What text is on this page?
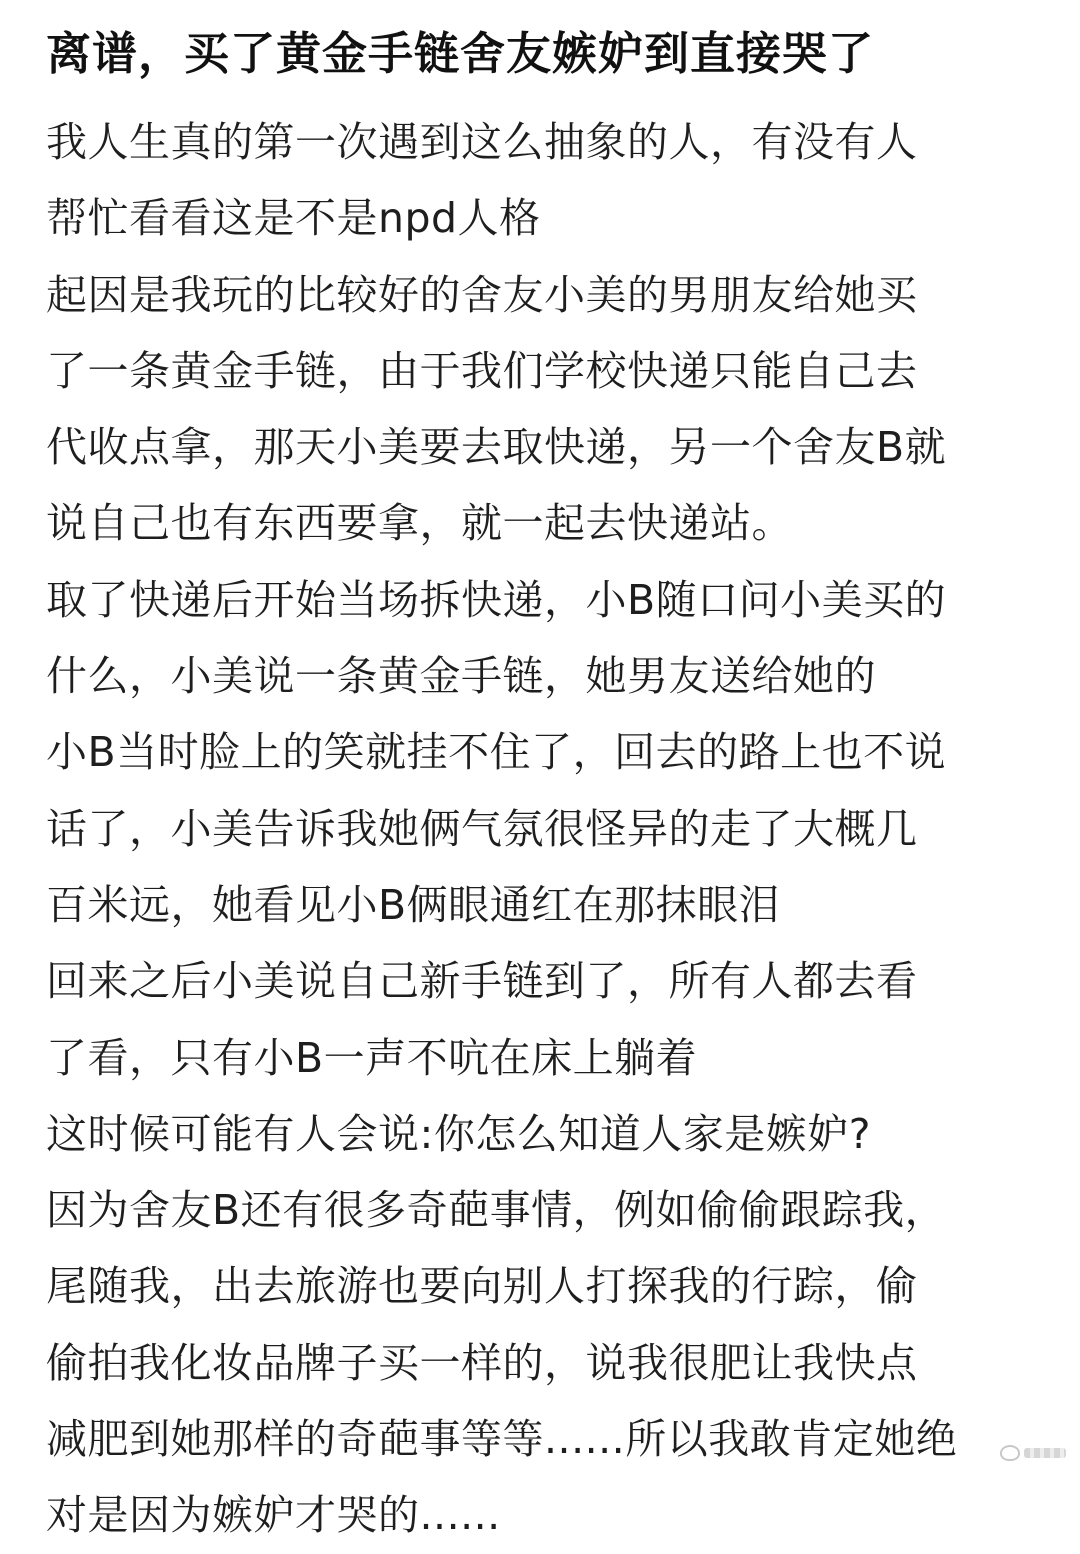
离谱，买了黄金手链舍友嫉妒到直接哭了
我人生真的第一次遇到这么抽象的人，有没有人
帮忙看看这是不是npd人格
起因是我玩的比较好的舍友小美的男朋友给她买
了一条黄金手链，由于我们学校快递只能自己去
代收点拿，那天小美要去取快递，另一个舍友B就
说自己也有东西要拿，就一起去快递站。
取了快递后开始当场拆快递，小B随口问小美买的
什么，小美说一条黄金手链，她男友送给她的
小B当时脸上的笑就挂不住了，回去的路上也不说
话了，小美告诉我她俩气氛很怪异的走了大概几
百米远，她看见小B俩眼通红在那抹眼泪
回来之后小美说自己新手链到了，所有人都去看
了看，只有小B一声不吭在床上躺着
这时候可能有人会说:你怎么知道人家是嫉妒?
因为舍友B还有很多奇葩事情，例如偷偷跟踪我，
尾随我，出去旅游也要向别人打探我的行踪，偷
偷拍我化妆品牌子买一样的，说我很肥让我快点
减肥到她那样的奇葩事等等......所以我敢肯定她绝
对是因为嫉妒才哭的......
